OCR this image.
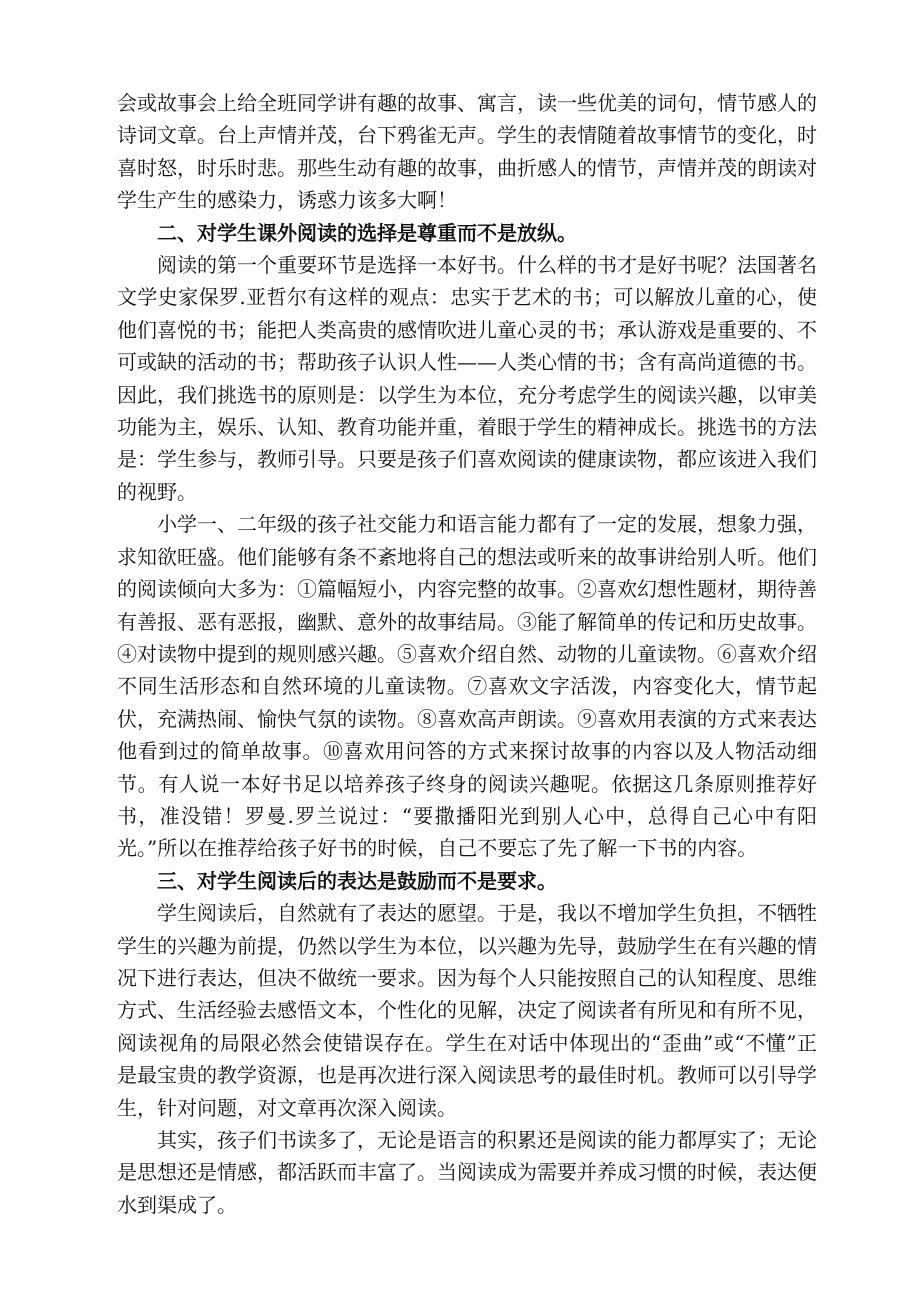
会或故事会上给全班同学讲有趣的故事、寓言，读一些优美的词句，情节感人的诗词文章。台上声情并茂，台下鸦雀无声。学生的表情随着故事情节的变化，时喜时怒，时乐时悲。那些生动有趣的故事，曲折感人的情节，声情并茂的朗读对学生产生的感染力，诱惑力该多大啊！

二、对学生课外阅读的选择是尊重而不是放纵。

阅读的第一个重要环节是选择一本好书。什么样的书才是好书呢？法国著名文学史家保罗.亚哲尔有这样的观点：忠实于艺术的书；可以解放儿童的心，使他们喜悦的书；能把人类高贵的感情吹进儿童心灵的书；承认游戏是重要的、不可或缺的活动的书；帮助孩子认识人性——人类心情的书；含有高尚道德的书。因此，我们挑选书的原则是：以学生为本位，充分考虑学生的阅读兴趣，以审美功能为主，娱乐、认知、教育功能并重，着眼于学生的精神成长。挑选书的方法是：学生参与，教师引导。只要是孩子们喜欢阅读的健康读物，都应该进入我们的视野。

小学一、二年级的孩子社交能力和语言能力都有了一定的发展，想象力强，求知欲旺盛。他们能够有条不紊地将自己的想法或听来的故事讲给别人听。他们的阅读倾向大多为：①篇幅短小，内容完整的故事。②喜欢幻想性题材，期待善有善报、恶有恶报，幽默、意外的故事结局。③能了解简单的传记和历史故事。④对读物中提到的规则感兴趣。⑤喜欢介绍自然、动物的儿童读物。⑥喜欢介绍不同生活形态和自然环境的儿童读物。⑦喜欢文字活泼，内容变化大，情节起伏，充满热闹、愉快气氛的读物。⑧喜欢高声朗读。⑨喜欢用表演的方式来表达他看到过的简单故事。⑩喜欢用问答的方式来探讨故事的内容以及人物活动细节。有人说一本好书足以培养孩子终身的阅读兴趣呢。依据这几条原则推荐好书，准没错！罗曼.罗兰说过：“要撒播阳光到别人心中，总得自己心中有阳光。”所以在推荐给孩子好书的时候，自己不要忘了先了解一下书的内容。

三、对学生阅读后的表达是鼓励而不是要求。

学生阅读后，自然就有了表达的愿望。于是，我以不增加学生负担，不牺牲学生的兴趣为前提，仍然以学生为本位，以兴趣为先导，鼓励学生在有兴趣的情况下进行表达，但决不做统一要求。因为每个人只能按照自己的认知程度、思维方式、生活经验去感悟文本，个性化的见解，决定了阅读者有所见和有所不见，阅读视角的局限必然会使错误存在。学生在对话中体现出的“歪曲”或“不懂”正是最宝贵的教学资源，也是再次进行深入阅读思考的最佳时机。教师可以引导学生，针对问题，对文章再次深入阅读。

其实，孩子们书读多了，无论是语言的积累还是阅读的能力都厚实了；无论是思想还是情感，都活跃而丰富了。当阅读成为需要并养成习惯的时候，表达便水到渠成了。
